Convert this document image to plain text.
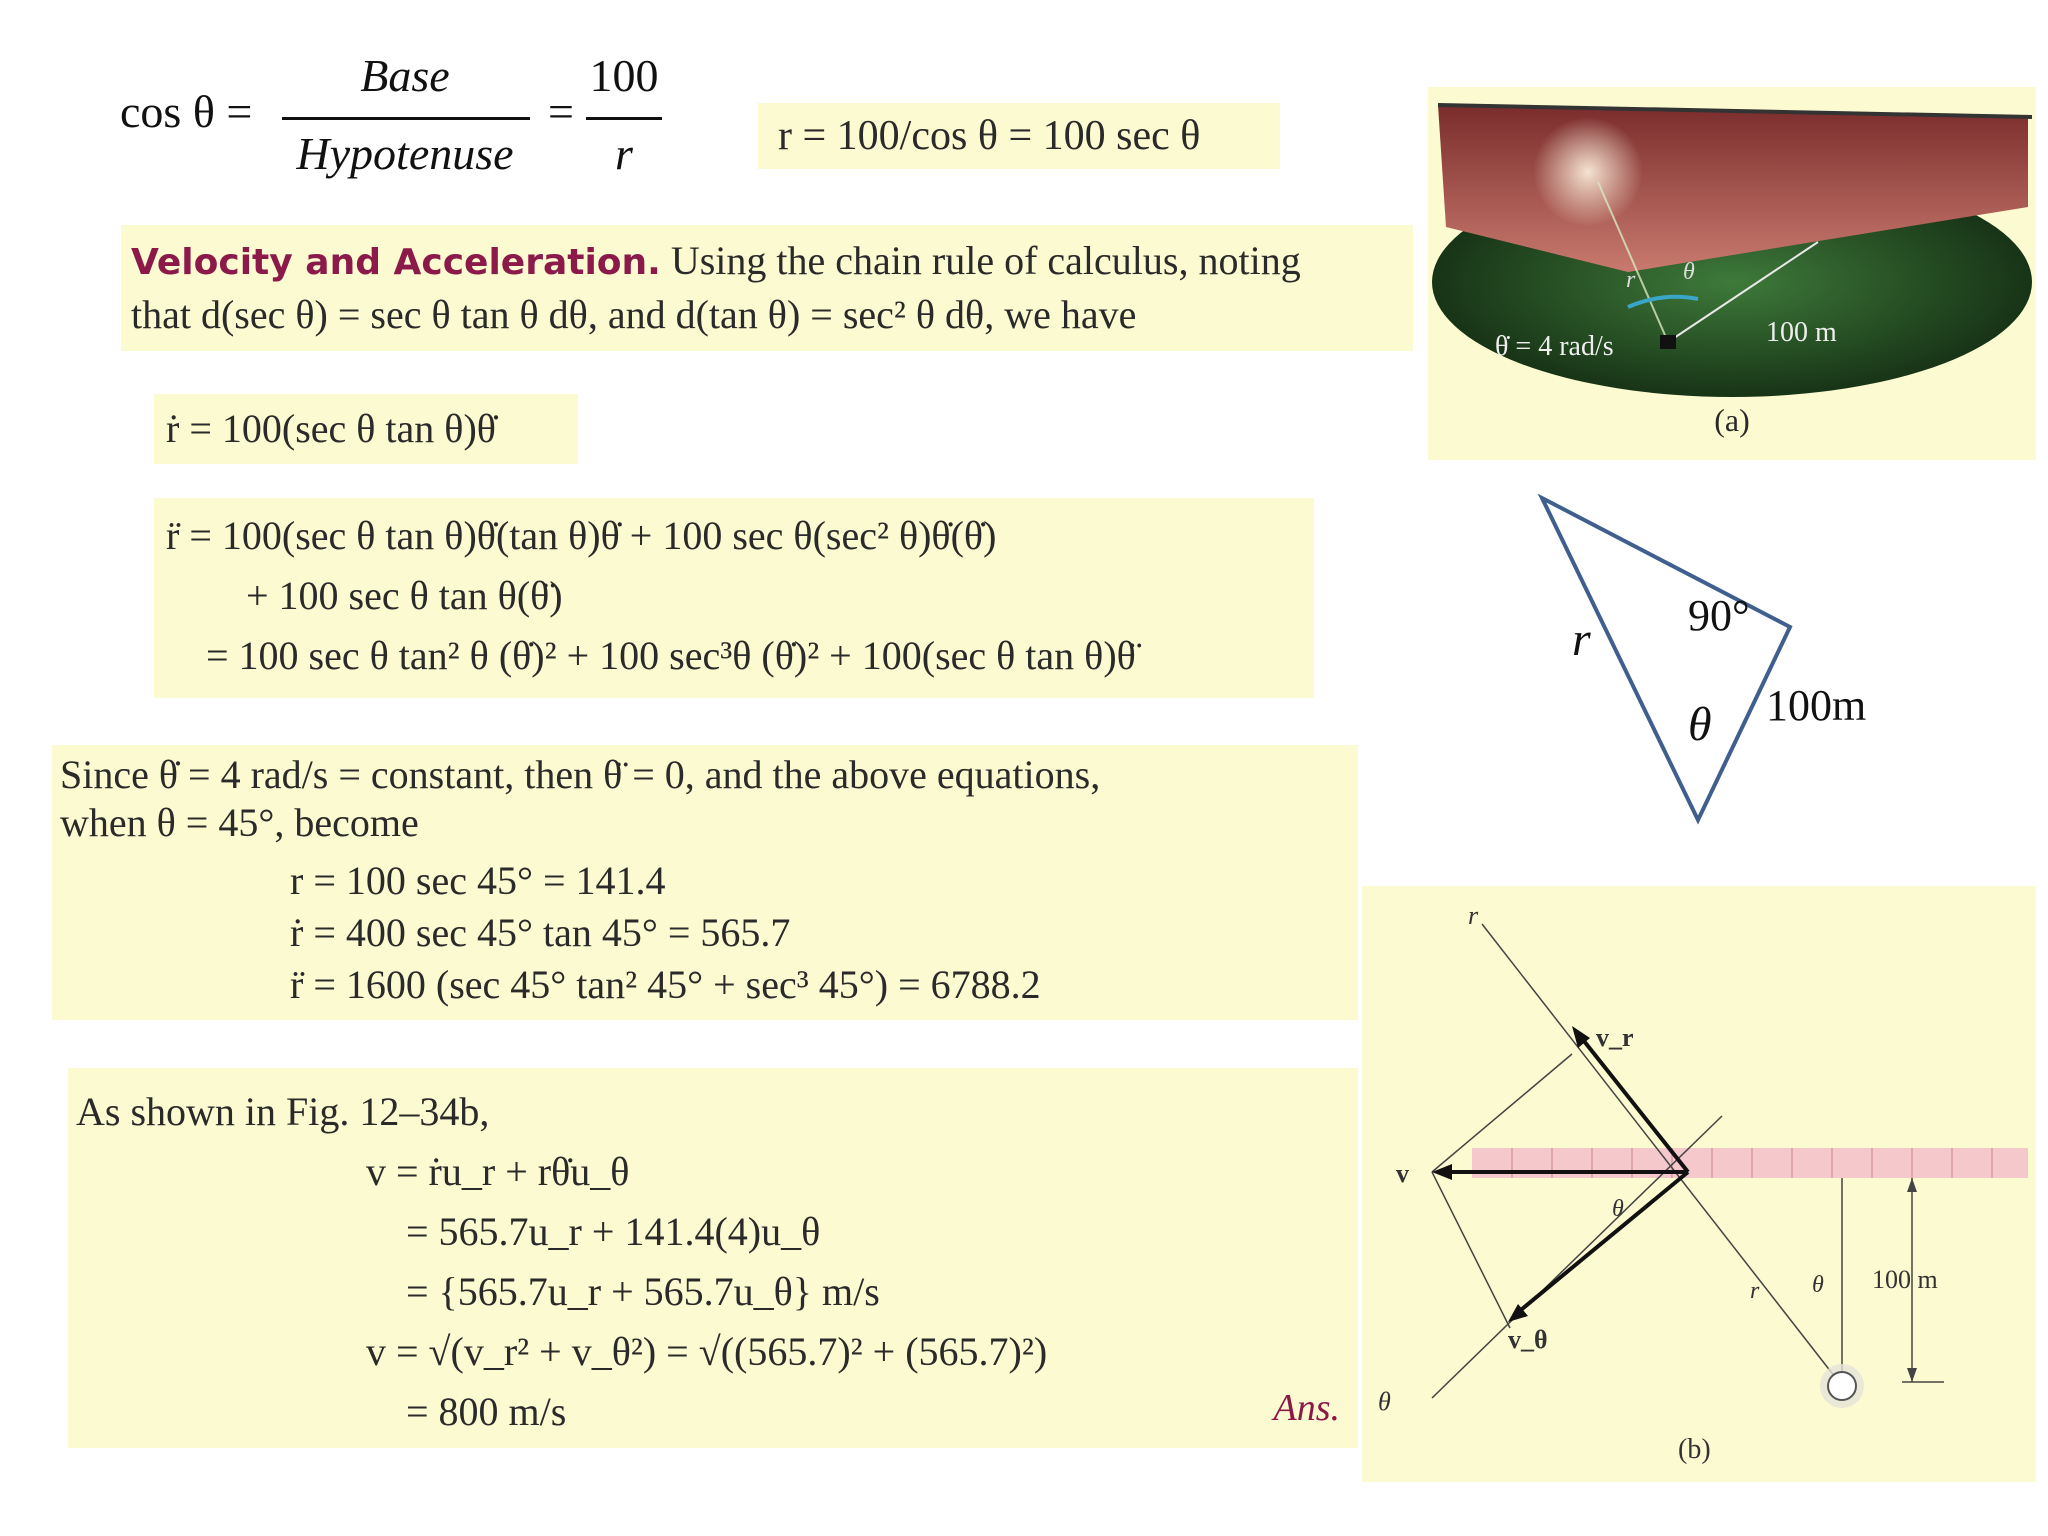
cos θ =
Base
Hypotenuse
=
100
r	r = 100/cos θ = 100 sec θ
Velocity and Acceleration. Using the chain rule of calculus, noting
that d(sec θ) = sec θ tan θ dθ, and d(tan θ) = sec² θ dθ, we have
ṙ = 100(sec θ tan θ)θ̇
r̈ = 100(sec θ tan θ)θ̇(tan θ)θ̇ + 100 sec θ(sec² θ)θ̇(θ̇)
+ 100 sec θ tan θ(θ̈)
= 100 sec θ tan² θ (θ̇)² + 100 sec³θ (θ̇)² + 100(sec θ tan θ)θ̈
Since θ̇ = 4 rad/s = constant, then θ̈ = 0, and the above equations,
when θ = 45°, become
r = 100 sec 45° = 141.4
ṙ = 400 sec 45° tan 45° = 565.7
r̈ = 1600 (sec 45° tan² 45° + sec³ 45°) = 6788.2
As shown in Fig. 12–34b,
v = ṙu_r + rθ̇u_θ
= 565.7u_r + 141.4(4)u_θ
= {565.7u_r + 565.7u_θ} m/s
v = √(v_r² + v_θ²) = √((565.7)² + (565.7)²)
= 800 m/s	Ans.
θ̇ = 4 rad/s	100 m
r θ
(a)
r 90°
θ 100m
r
v_r
v
θ
r θ
v_θ
100 m
θ
(b)
